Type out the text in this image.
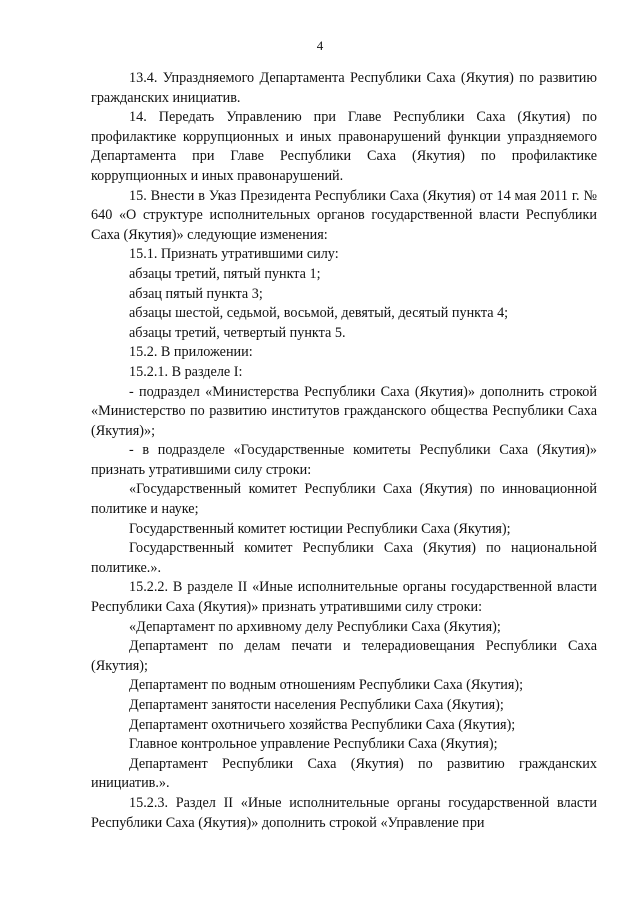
4

13.4. Упраздняемого Департамента Республики Саха (Якутия) по развитию гражданских инициатив.

14. Передать Управлению при Главе Республики Саха (Якутия) по профилактике коррупционных и иных правонарушений функции упраздняемого Департамента при Главе Республики Саха (Якутия) по профилактике коррупционных и иных правонарушений.

15. Внести в Указ Президента Республики Саха (Якутия) от 14 мая 2011 г. № 640 «О структуре исполнительных органов государственной власти Республики Саха (Якутия)» следующие изменения:

15.1. Признать утратившими силу:

абзацы третий, пятый пункта 1;

абзац пятый пункта 3;

абзацы шестой, седьмой, восьмой, девятый, десятый пункта 4;

абзацы третий, четвертый пункта 5.

15.2. В приложении:

15.2.1. В разделе I:

- подраздел «Министерства Республики Саха (Якутия)» дополнить строкой «Министерство по развитию институтов гражданского общества Республики Саха (Якутия)»;

- в подразделе «Государственные комитеты Республики Саха (Якутия)» признать утратившими силу строки:

«Государственный комитет Республики Саха (Якутия) по инновационной политике и науке;

Государственный комитет юстиции Республики Саха (Якутия);

Государственный комитет Республики Саха (Якутия) по национальной политике.».

15.2.2. В разделе II «Иные исполнительные органы государственной власти Республики Саха (Якутия)» признать утратившими силу строки:

«Департамент по архивному делу Республики Саха (Якутия);

Департамент по делам печати и телерадиовещания Республики Саха (Якутия);

Департамент по водным отношениям Республики Саха (Якутия);

Департамент занятости населения Республики Саха (Якутия);

Департамент охотничьего хозяйства Республики Саха (Якутия);

Главное контрольное управление Республики Саха (Якутия);

Департамент Республики Саха (Якутия) по развитию гражданских инициатив.».

15.2.3. Раздел II «Иные исполнительные органы государственной власти Республики Саха (Якутия)» дополнить строкой «Управление при
